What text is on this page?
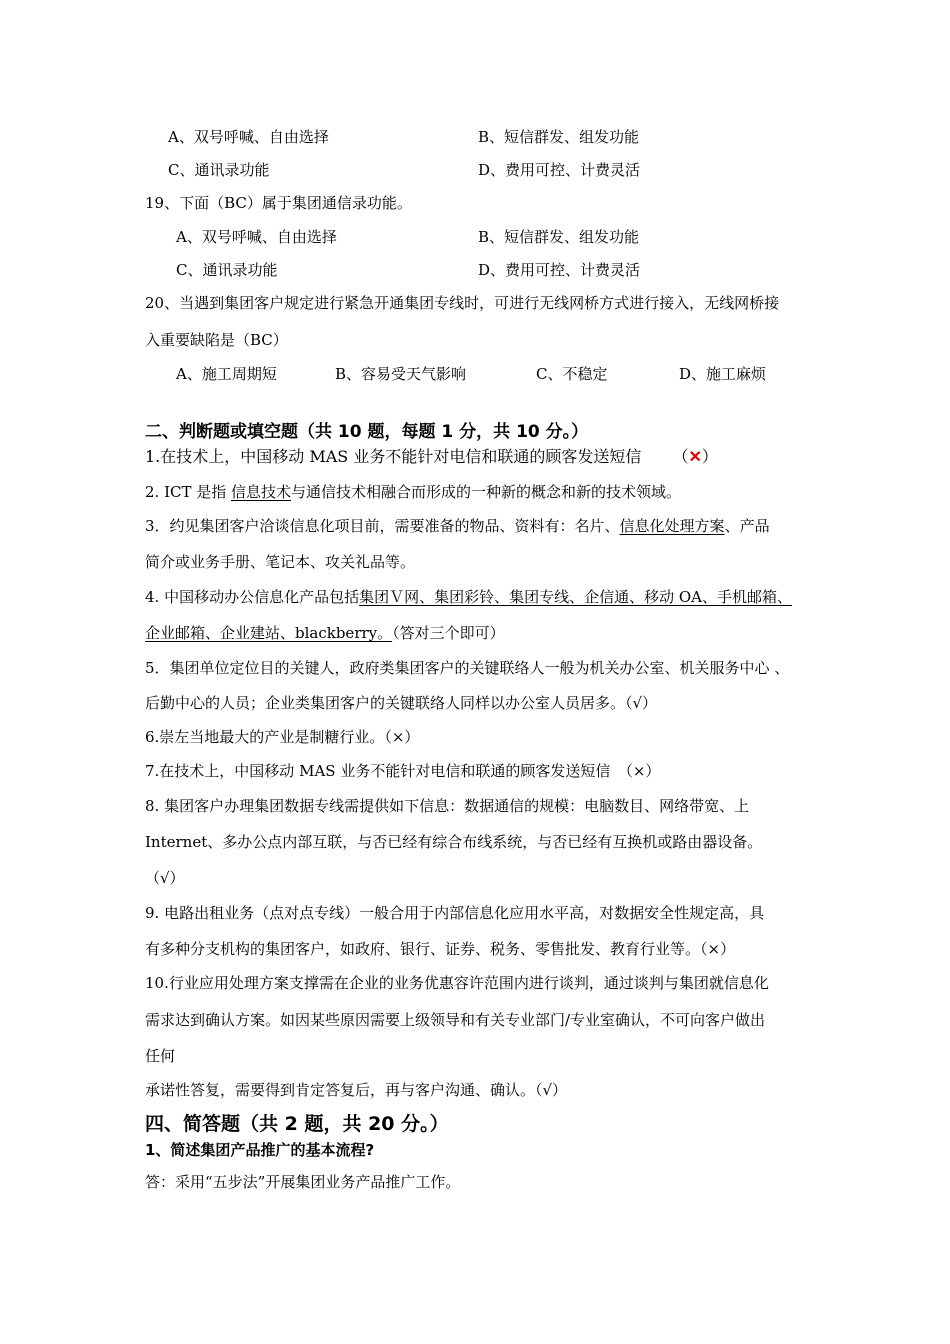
A、双号呼喊、自由选择	B、短信群发、组发功能
C、通讯录功能	D、费用可控、计费灵活
19、下面（BC）属于集团通信录功能。
A、双号呼喊、自由选择	B、短信群发、组发功能
C、通讯录功能	D、费用可控、计费灵活
20、当遇到集团客户规定进行紧急开通集团专线时，可进行无线网桥方式进行接入，无线网桥接
入重要缺陷是（BC）
A、施工周期短	B、容易受天气影响	C、不稳定	D、施工麻烦
二、判断题或填空题（共 10 题，每题 1 分，共 10 分。）
1.在技术上，中国移动 MAS 业务不能针对电信和联通的顾客发送短信 （✕）
2. ICT 是指 信息技术与通信技术相融合而形成的一种新的概念和新的技术领域。
3．约见集团客户洽谈信息化项目前，需要准备的物品、资料有：名片、信息化处理方案、产品
简介或业务手册、笔记本、攻关礼品等。
4. 中国移动办公信息化产品包括集团Ｖ网、集团彩铃、集团专线、企信通、移动 OA、手机邮箱、
企业邮箱、企业建站、blackberry。（答对三个即可）
5．集团单位定位目的关键人，政府类集团客户的关键联络人一般为机关办公室、机关服务中心 、
后勤中心的人员；企业类集团客户的关键联络人同样以办公室人员居多。（√）
6.崇左当地最大的产业是制糖行业。（×）
7.在技术上，中国移动 MAS 业务不能针对电信和联通的顾客发送短信　（×）
8. 集团客户办理集团数据专线需提供如下信息：数据通信的规模：电脑数目、网络带宽、上
Internet、多办公点内部互联，与否已经有综合布线系统，与否已经有互换机或路由器设备。
（√）
9. 电路出租业务（点对点专线）一般合用于内部信息化应用水平高，对数据安全性规定高，具
有多种分支机构的集团客户，如政府、银行、证券、税务、零售批发、教育行业等。（×）
10.行业应用处理方案支撑需在企业的业务优惠容许范围内进行谈判，通过谈判与集团就信息化
需求达到确认方案。如因某些原因需要上级领导和有关专业部门/专业室确认，不可向客户做出
任何
承诺性答复，需要得到肯定答复后，再与客户沟通、确认。（√）
四、简答题（共 2 题，共 20 分。）
1、简述集团产品推广的基本流程?
答：采用“五步法”开展集团业务产品推广工作。
